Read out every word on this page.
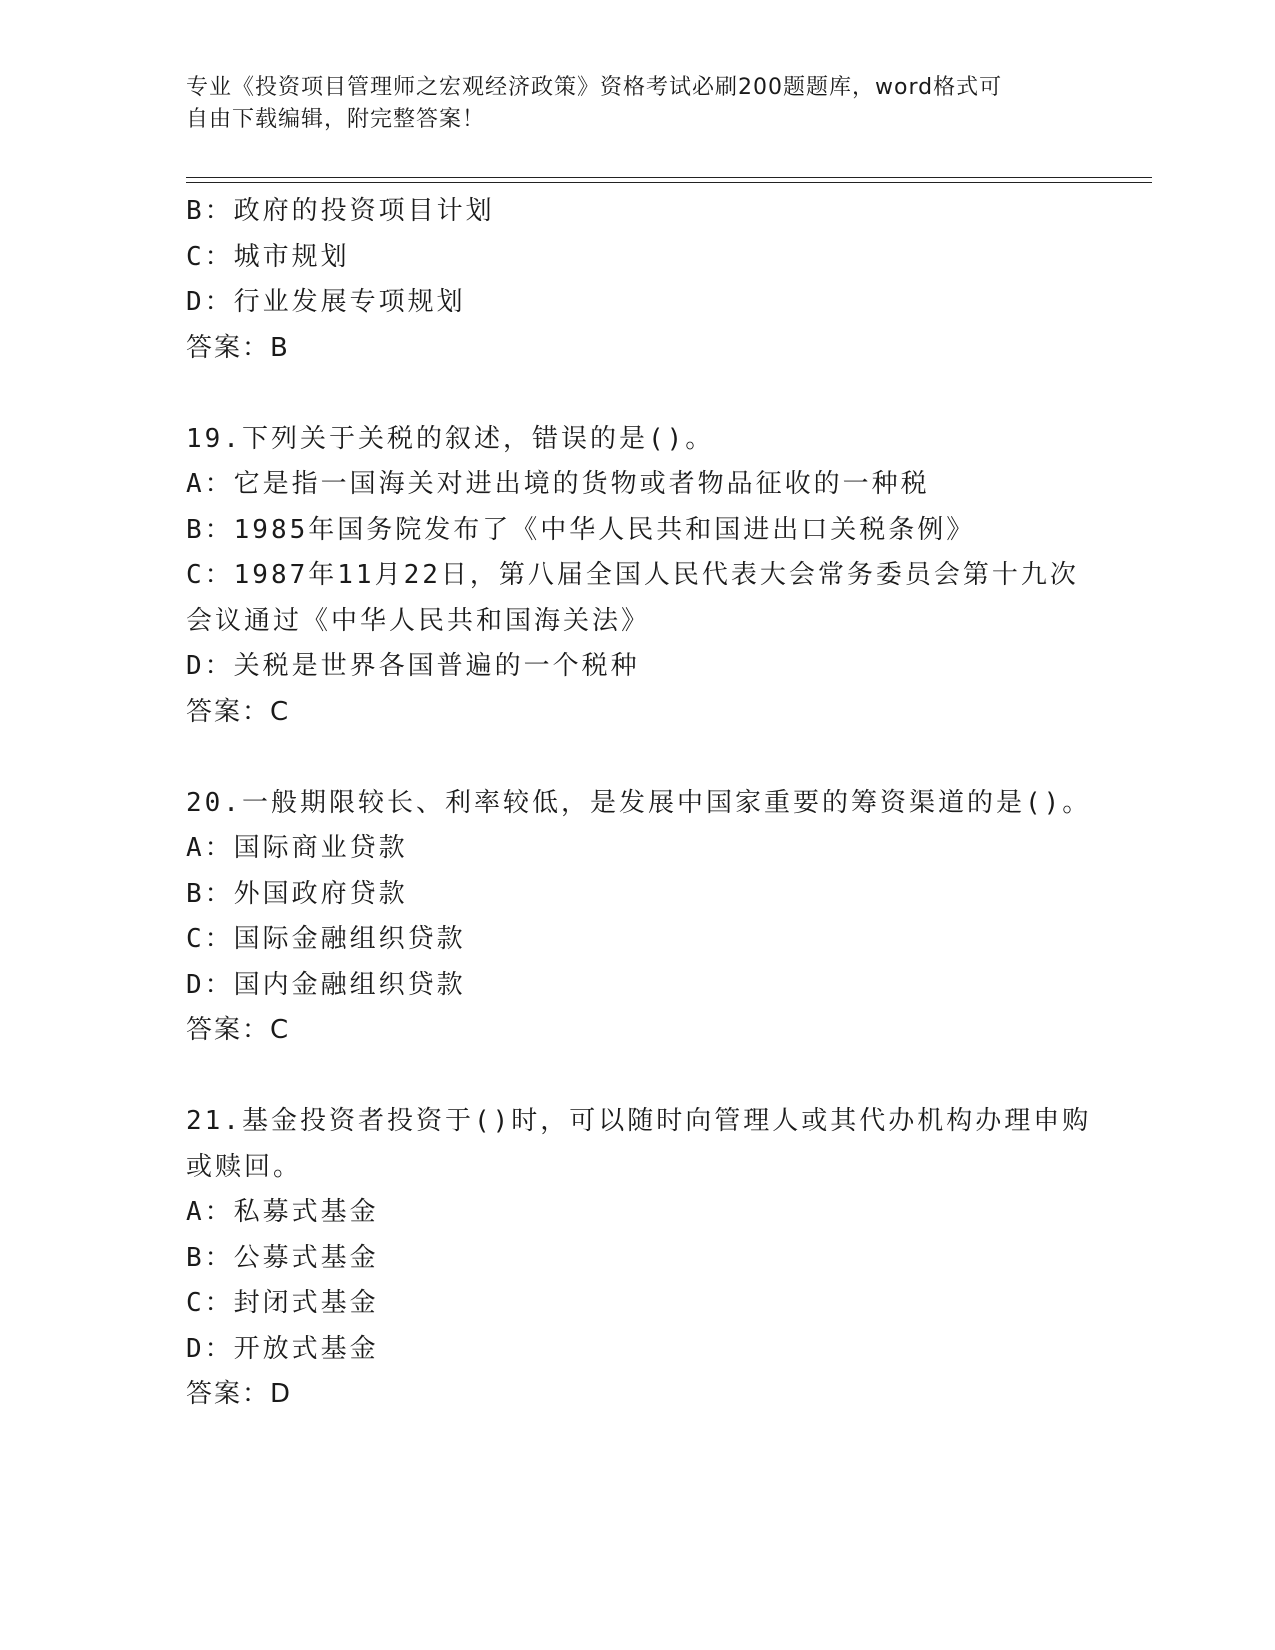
专业《投资项目管理师之宏观经济政策》资格考试必刷200题题库，word格式可
自由下载编辑，附完整答案！
B：政府的投资项目计划
C：城市规划
D：行业发展专项规划
答案：B
19.下列关于关税的叙述，错误的是()。
A：它是指一国海关对进出境的货物或者物品征收的一种税
B：1985年国务院发布了《中华人民共和国进出口关税条例》
C：1987年11月22日，第八届全国人民代表大会常务委员会第十九次
会议通过《中华人民共和国海关法》
D：关税是世界各国普遍的一个税种
答案：C
20.一般期限较长、利率较低，是发展中国家重要的筹资渠道的是()。
A：国际商业贷款
B：外国政府贷款
C：国际金融组织贷款
D：国内金融组织贷款
答案：C
21.基金投资者投资于()时，可以随时向管理人或其代办机构办理申购
或赎回。
A：私募式基金
B：公募式基金
C：封闭式基金
D：开放式基金
答案：D
